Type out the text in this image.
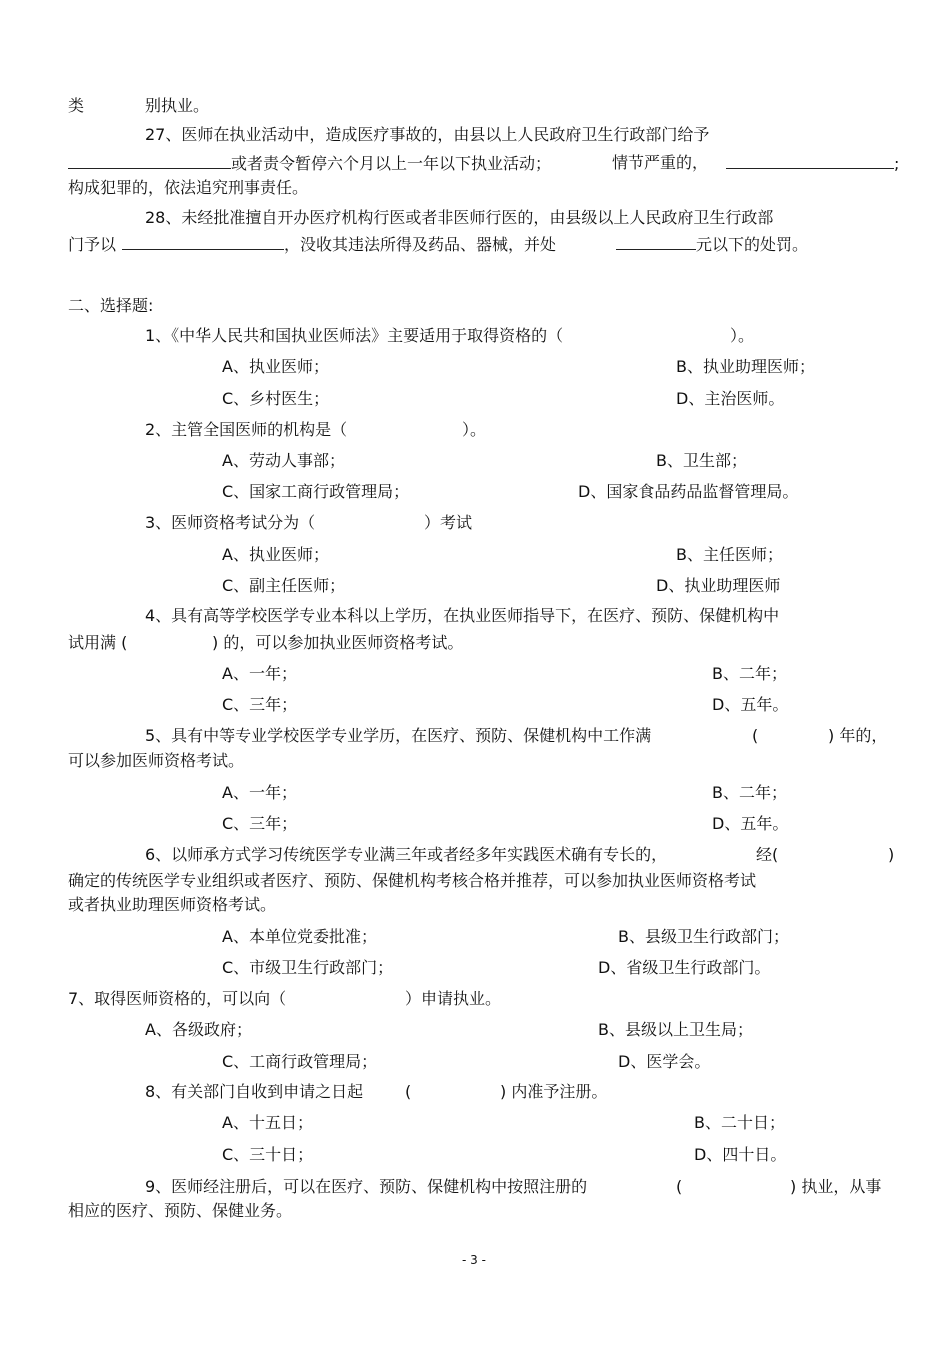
类	别执业。
27、医师在执业活动中，造成医疗事故的，由县以上人民政府卫生行政部门给予
或者责令暂停六个月以上一年以下执业活动；	情节严重的，	;
构成犯罪的，依法追究刑事责任。
28、未经批准擅自开办医疗机构行医或者非医师行医的，由县级以上人民政府卫生行政部
门予以	，没收其违法所得及药品、器械，并处	元以下的处罚。
二、选择题:
1、《中华人民共和国执业医师法》主要适用于取得资格的（	）。
A、执业医师；	B、执业助理医师；
C、乡村医生；	D、主治医师。
2、主管全国医师的机构是（	）。
A、劳动人事部；	B、卫生部；
C、国家工商行政管理局；	D、国家食品药品监督管理局。
3、医师资格考试分为（	）考试
A、执业医师；	B、主任医师；
C、副主任医师；	D、执业助理医师
4、具有高等学校医学专业本科以上学历，在执业医师指导下，在医疗、预防、保健机构中
试用满 (	) 的，可以参加执业医师资格考试。
A、一年；	B、二年；
C、三年；	D、五年。
5、具有中等专业学校医学专业学历，在医疗、预防、保健机构中工作满	(	) 年的，
可以参加医师资格考试。
A、一年；	B、二年；
C、三年；	D、五年。
6、以师承方式学习传统医学专业满三年或者经多年实践医术确有专长的，	经(	)
确定的传统医学专业组织或者医疗、预防、保健机构考核合格并推荐，可以参加执业医师资格考试
或者执业助理医师资格考试。
A、本单位党委批准；	B、县级卫生行政部门；
C、市级卫生行政部门；	D、省级卫生行政部门。
7、取得医师资格的，可以向（	）申请执业。
A、各级政府；	B、县级以上卫生局；
C、工商行政管理局；	D、医学会。
8、有关部门自收到申请之日起	(	) 内准予注册。
A、十五日；	B、二十日；
C、三十日；	D、四十日。
9、医师经注册后，可以在医疗、预防、保健机构中按照注册的	(	) 执业，从事
相应的医疗、预防、保健业务。
- 3 -
